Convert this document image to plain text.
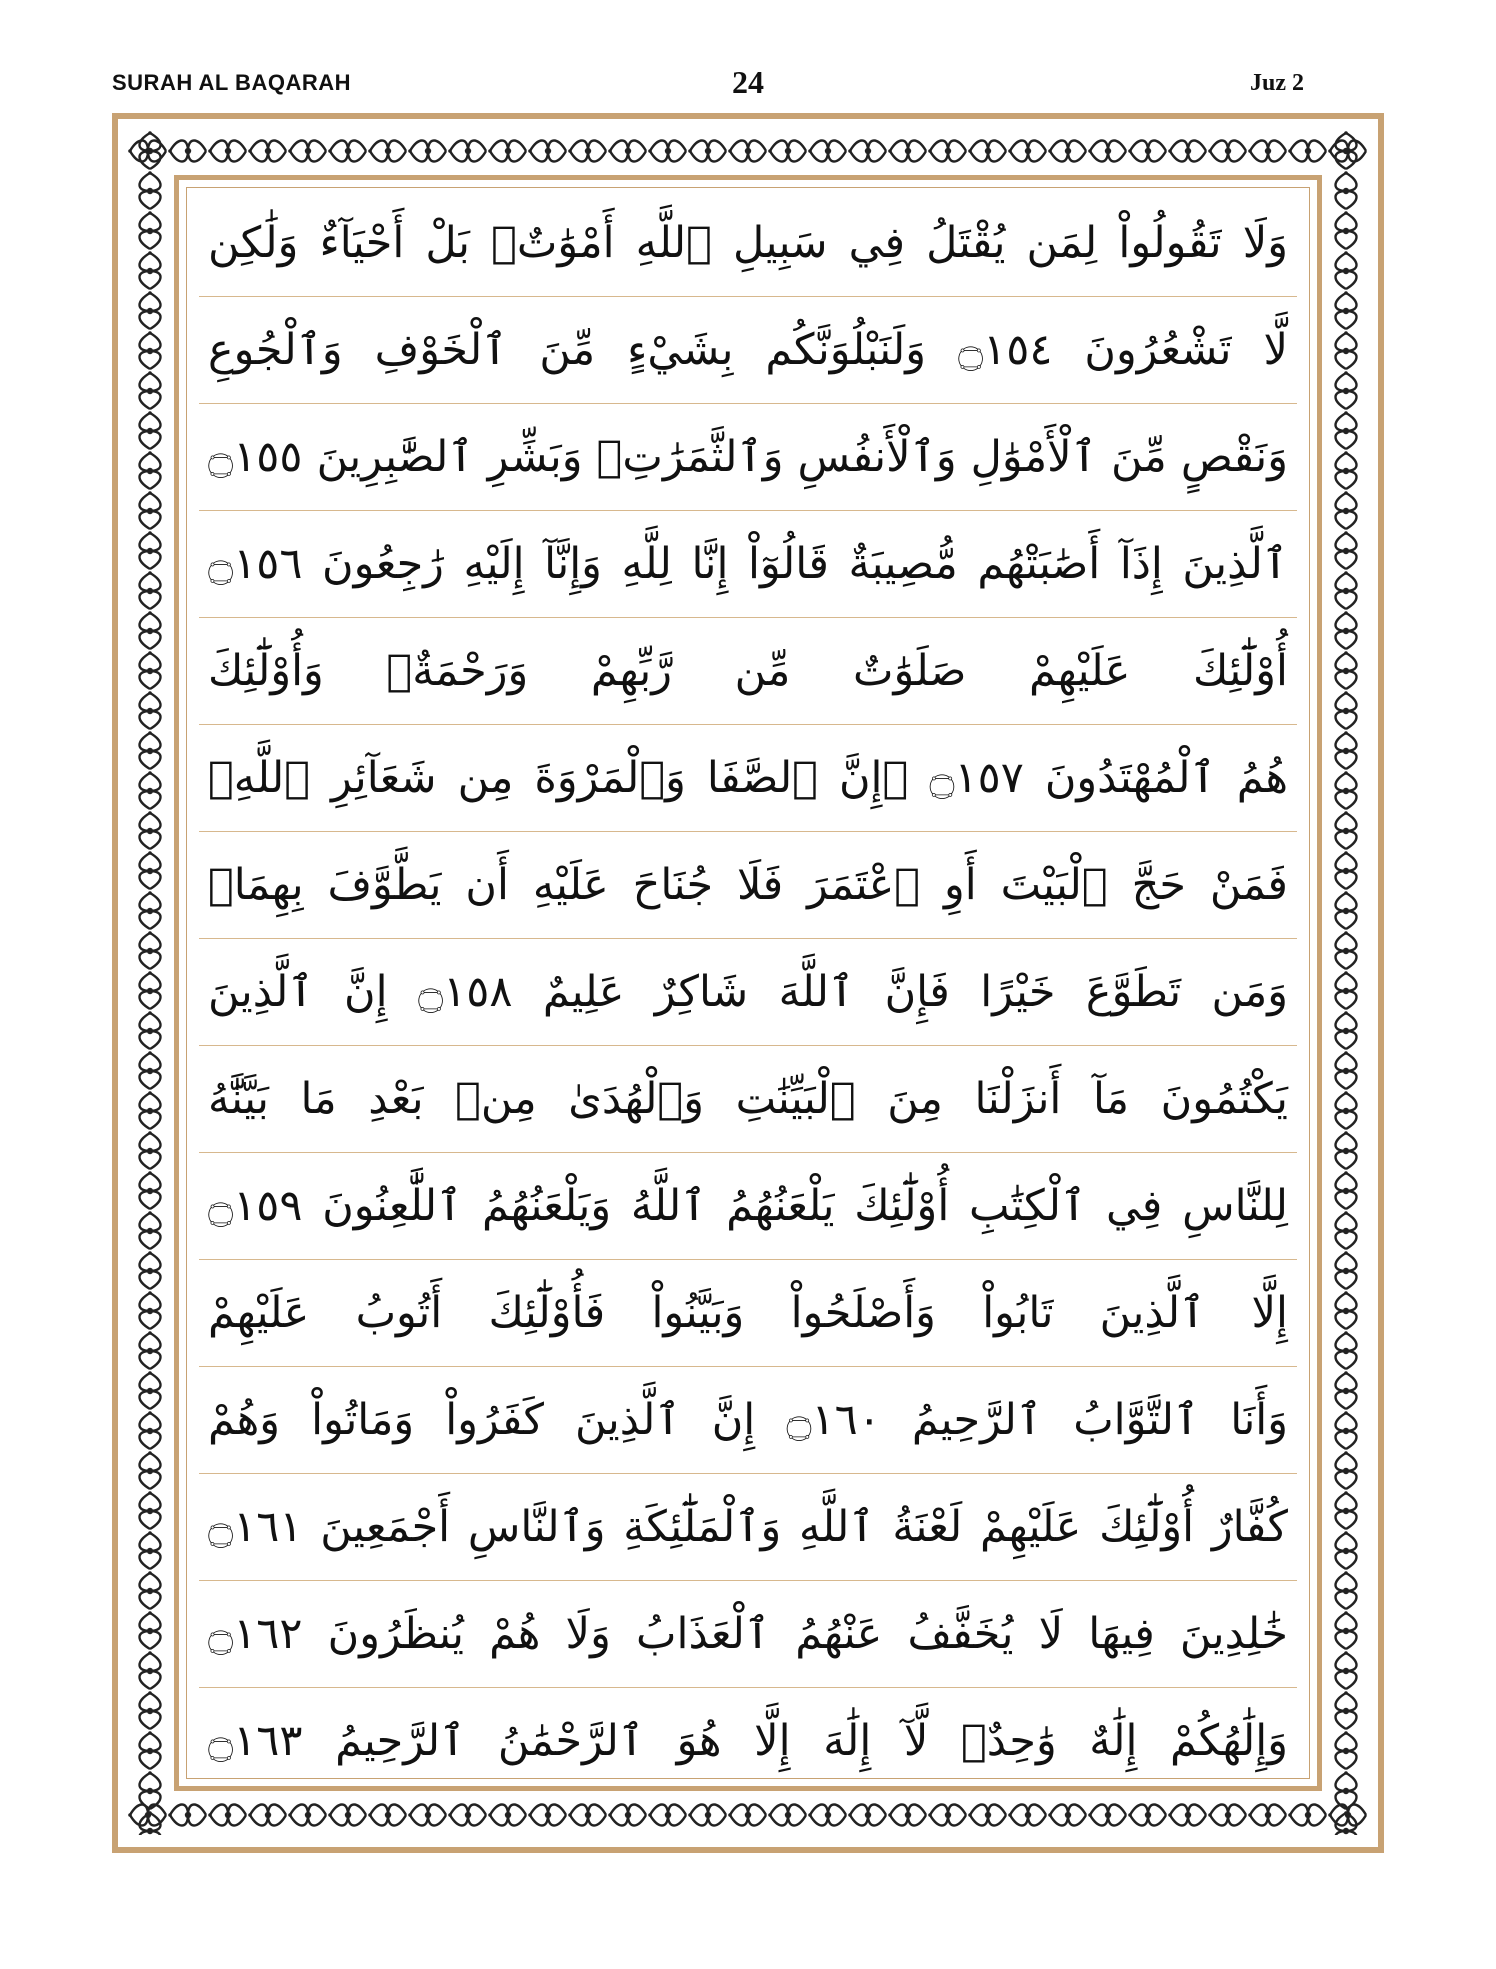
SURAH AL BAQARAH	24	Juz 2
وَلَا تَقُولُواْ لِمَن يُقْتَلُ فِي سَبِيلِ ٱللَّهِ أَمْوَٰتٌۢ بَلْ أَحْيَآءٌ وَلَٰكِن
لَّا تَشْعُرُونَ ۝١٥٤ وَلَنَبْلُوَنَّكُم بِشَيْءٍ مِّنَ ٱلْخَوْفِ وَٱلْجُوعِ
وَنَقْصٍ مِّنَ ٱلْأَمْوَٰلِ وَٱلْأَنفُسِ وَٱلثَّمَرَٰتِۗ وَبَشِّرِ ٱلصَّٰبِرِينَ ۝١٥٥
ٱلَّذِينَ إِذَآ أَصَٰبَتْهُم مُّصِيبَةٌ قَالُوٓاْ إِنَّا لِلَّهِ وَإِنَّآ إِلَيْهِ رَٰجِعُونَ ۝١٥٦
أُوْلَٰٓئِكَ عَلَيْهِمْ صَلَوَٰتٌ مِّن رَّبِّهِمْ وَرَحْمَةٌۖ وَأُوْلَٰٓئِكَ
هُمُ ٱلْمُهْتَدُونَ ۝١٥٧ ۞إِنَّ ٱلصَّفَا وَٱلْمَرْوَةَ مِن شَعَآئِرِ ٱللَّهِۖ
فَمَنْ حَجَّ ٱلْبَيْتَ أَوِ ٱعْتَمَرَ فَلَا جُنَاحَ عَلَيْهِ أَن يَطَّوَّفَ بِهِمَاۚ
وَمَن تَطَوَّعَ خَيْرًا فَإِنَّ ٱللَّهَ شَاكِرٌ عَلِيمٌ ۝١٥٨ إِنَّ ٱلَّذِينَ
يَكْتُمُونَ مَآ أَنزَلْنَا مِنَ ٱلْبَيِّنَٰتِ وَٱلْهُدَىٰ مِنۢ بَعْدِ مَا بَيَّنَّٰهُ
لِلنَّاسِ فِي ٱلْكِتَٰبِ أُوْلَٰٓئِكَ يَلْعَنُهُمُ ٱللَّهُ وَيَلْعَنُهُمُ ٱللَّٰعِنُونَ ۝١٥٩
إِلَّا ٱلَّذِينَ تَابُواْ وَأَصْلَحُواْ وَبَيَّنُواْ فَأُوْلَٰٓئِكَ أَتُوبُ عَلَيْهِمْ
وَأَنَا ٱلتَّوَّابُ ٱلرَّحِيمُ ۝١٦٠ إِنَّ ٱلَّذِينَ كَفَرُواْ وَمَاتُواْ وَهُمْ
كُفَّارٌ أُوْلَٰٓئِكَ عَلَيْهِمْ لَعْنَةُ ٱللَّهِ وَٱلْمَلَٰٓئِكَةِ وَٱلنَّاسِ أَجْمَعِينَ ۝١٦١
خَٰلِدِينَ فِيهَا لَا يُخَفَّفُ عَنْهُمُ ٱلْعَذَابُ وَلَا هُمْ يُنظَرُونَ ۝١٦٢
وَإِلَٰهُكُمْ إِلَٰهٌ وَٰحِدٌۖ لَّآ إِلَٰهَ إِلَّا هُوَ ٱلرَّحْمَٰنُ ٱلرَّحِيمُ ۝١٦٣
